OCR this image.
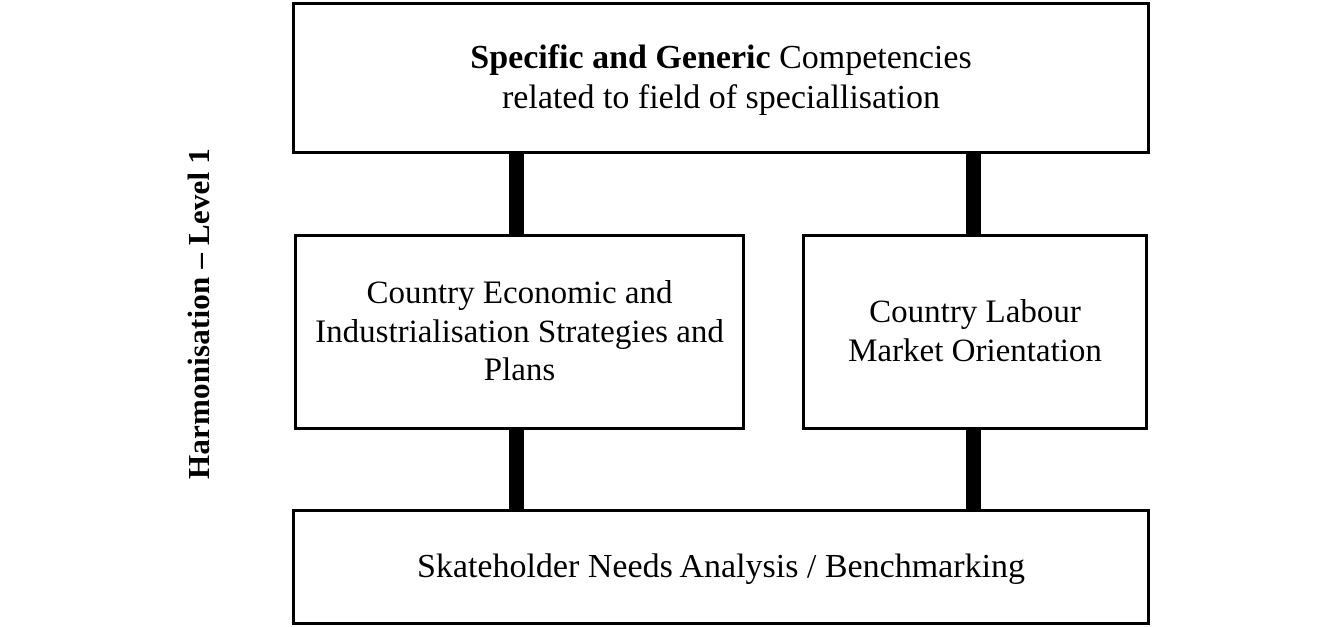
Harmonisation – Level 1
Specific and Generic Competencies
related to field of speciallisation
Country Economic and Industrialisation Strategies and Plans
Country Labour Market Orientation
Skateholder Needs Analysis / Benchmarking
